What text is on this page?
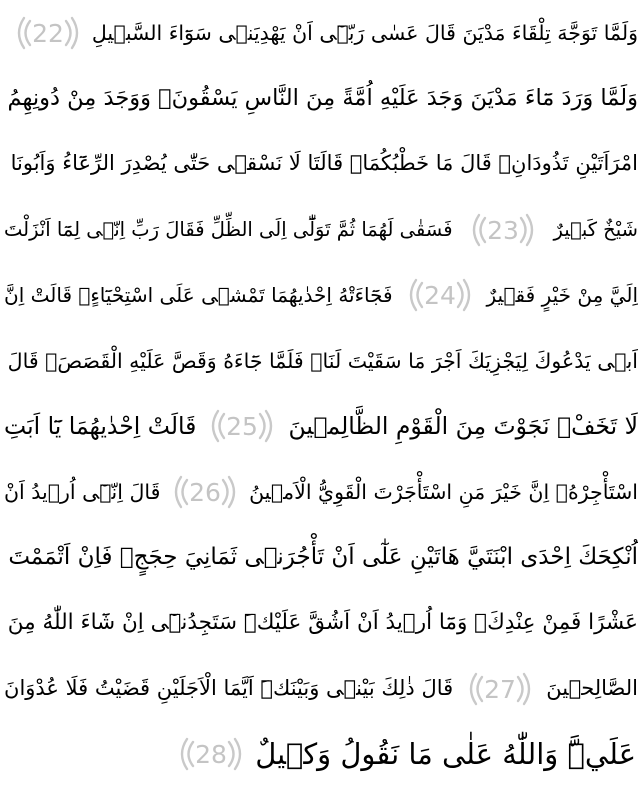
وَلَمَّا تَوَجَّهَ تِلْقَاءَ مَدْيَنَ قَالَ عَسٰى رَبّ۪ٓى اَنْ يَهْدِيَن۪ى سَوَٓاءَ السَّب۪يلِ
22
وَلَمَّا وَرَدَ مَٓاءَ مَدْيَنَ وَجَدَ عَلَيْهِ اُمَّةً مِنَ النَّاسِ يَسْقُونَۘ وَوَجَدَ مِنْ دُونِهِمُ
امْرَاَتَيْنِ تَذُودَانِۚ قَالَ مَا خَطْبُكُمَاۜ قَالَتَا لَا نَسْق۪ى حَتّٰى يُصْدِرَ الرِّعَٓاءُ وَاَبُونَا
شَيْخٌ كَب۪يرٌ
23
فَسَقٰى لَهُمَا ثُمَّ تَوَلّٰٓى اِلَى الظِّلِّ فَقَالَ رَبِّ اِنّ۪ى لِمَٓا اَنْزَلْتَ
اِلَيَّ مِنْ خَيْرٍ فَق۪يرٌ
24
فَجَٓاءَتْهُ اِحْدٰيهُمَا تَمْش۪ى عَلَى اسْتِحْيَٓاءٍۘ قَالَتْ اِنَّ
اَب۪ى يَدْعُوكَ لِيَجْزِيَكَ اَجْرَ مَا سَقَيْتَ لَنَاۜ فَلَمَّا جَٓاءَهُ وَقَصَّ عَلَيْهِ الْقَصَصَۙ قَالَ
لَا تَخَفْ۠ نَجَوْتَ مِنَ الْقَوْمِ الظَّالِم۪ينَ
25
قَالَتْ اِحْدٰيهُمَا يَٓا اَبَتِ
اسْتَأْجِرْهُۘ اِنَّ خَيْرَ مَنِ اسْتَأْجَرْتَ الْقَوِيُّ الْاَم۪ينُ
26
قَالَ اِنّ۪ٓى اُر۪يدُ اَنْ
اُنْكِحَكَ اِحْدَى ابْنَتَيَّ هَاتَيْنِ عَلٰٓى اَنْ تَأْجُرَن۪ى ثَمَانِيَ حِجَجٍۚ فَاِنْ اَتْمَمْتَ
عَشْرًا فَمِنْ عِنْدِكَۚ وَمَٓا اُر۪يدُ اَنْ اَشُقَّ عَلَيْكَۜ سَتَجِدُن۪ٓى اِنْ شَٓاءَ اللّٰهُ مِنَ
الصَّالِح۪ينَ
27
قَالَ ذٰلِكَ بَيْن۪ى وَبَيْنَكَۜ اَيَّمَا الْاَجَلَيْنِ قَضَيْتُ فَلَا عُدْوَانَ
عَلَيَّۜ وَاللّٰهُ عَلٰى مَا نَقُولُ وَك۪يلٌ
28
